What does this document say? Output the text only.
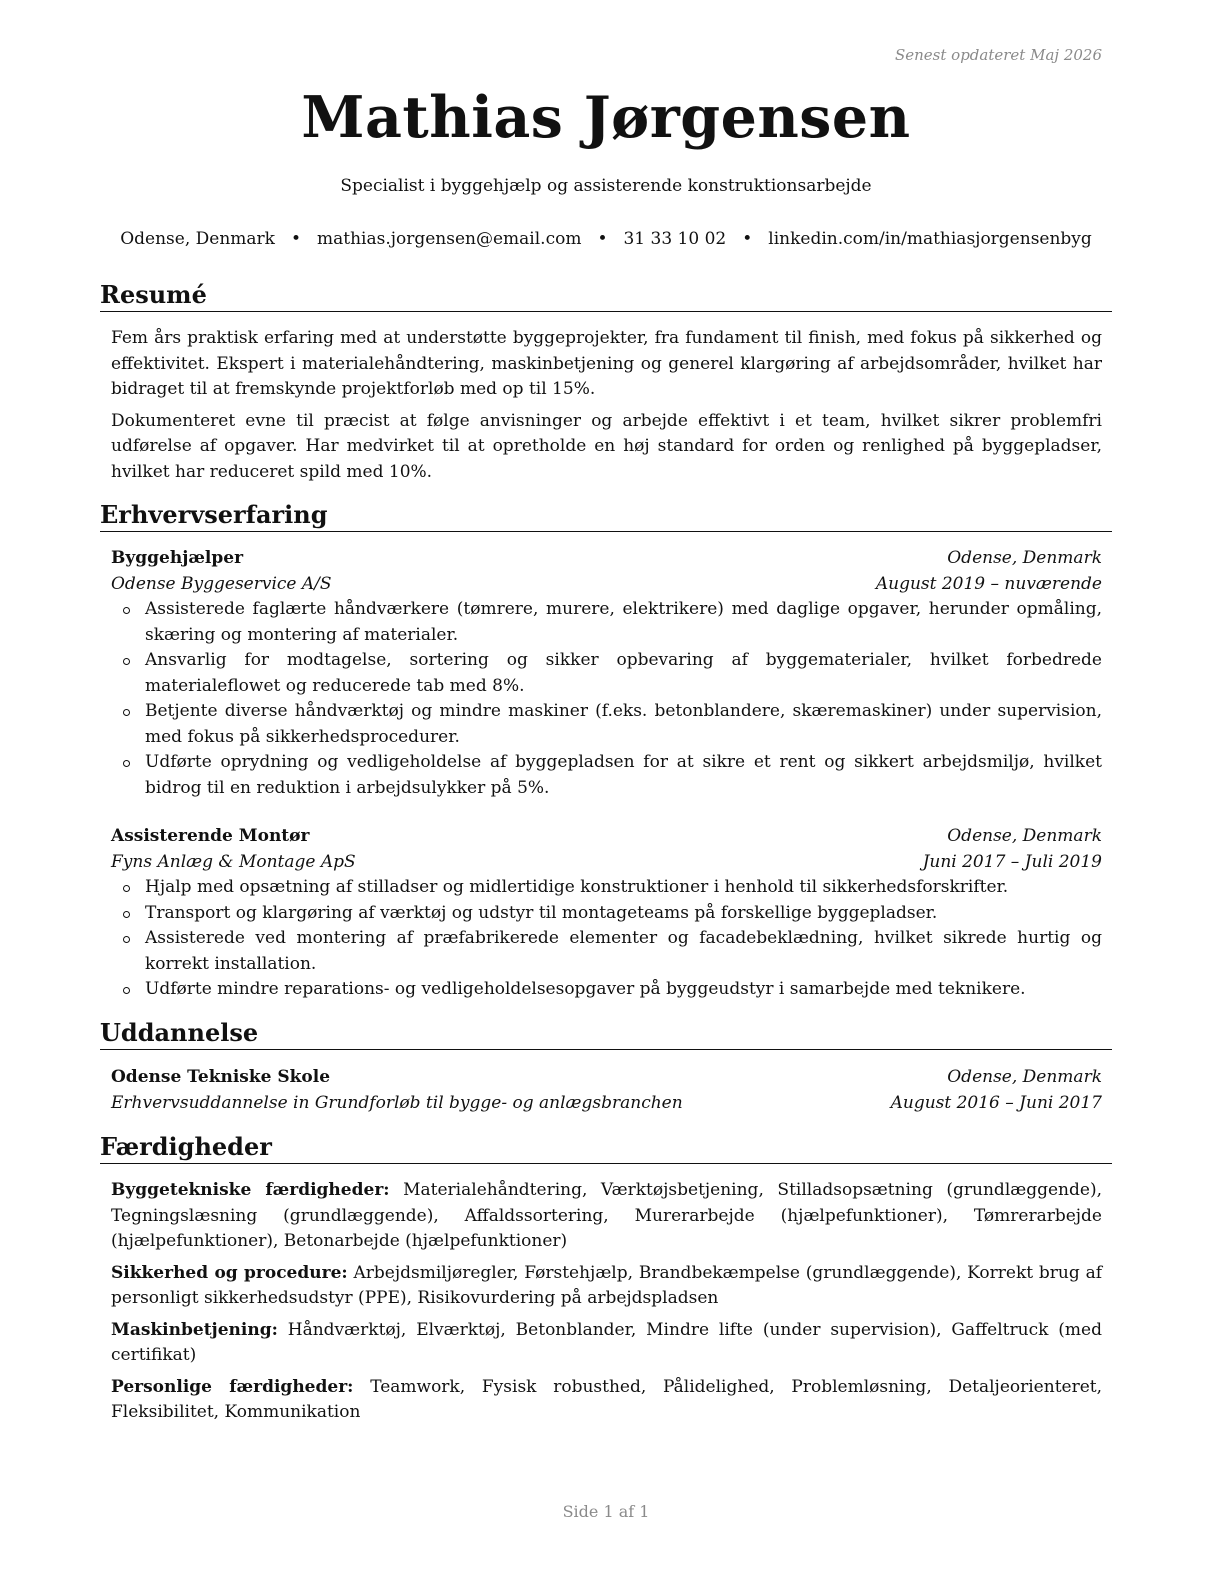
Senest opdateret Maj 2026
Mathias Jørgensen
Specialist i byggehjælp og assisterende konstruktionsarbejde
Odense, Denmark • mathias.jorgensen@email.com • 31 33 10 02 • linkedin.com/in/mathiasjorgensenbyg
Resumé

Fem års praktisk erfaring med at understøtte byggeprojekter, fra fundament til finish, med fokus på sikkerhed og effektivitet. Ekspert i materialehåndtering, maskinbetjening og generel klargøring af arbejdsområder, hvilket har bidraget til at fremskynde projektforløb med op til 15%.

Dokumenteret evne til præcist at følge anvisninger og arbejde effektivt i et team, hvilket sikrer problemfri udførelse af opgaver. Har medvirket til at opretholde en høj standard for orden og renlighed på byggepladser, hvilket har reduceret spild med 10%.

Erhvervserfaring
Byggehjælper	Odense, Denmark
Odense Byggeservice A/S	August 2019 – nuværende
Assisterede faglærte håndværkere (tømrere, murere, elektrikere) med daglige opgaver, herunder opmåling, skæring og montering af materialer.
Ansvarlig for modtagelse, sortering og sikker opbevaring af byggematerialer, hvilket forbedrede materialeflowet og reducerede tab med 8%.
Betjente diverse håndværktøj og mindre maskiner (f.eks. betonblandere, skæremaskiner) under supervision, med fokus på sikkerhedsprocedurer.
Udførte oprydning og vedligeholdelse af byggepladsen for at sikre et rent og sikkert arbejdsmiljø, hvilket bidrog til en reduktion i arbejdsulykker på 5%.
Assisterende Montør	Odense, Denmark
Fyns Anlæg & Montage ApS	Juni 2017 – Juli 2019
Hjalp med opsætning af stilladser og midlertidige konstruktioner i henhold til sikkerhedsforskrifter.
Transport og klargøring af værktøj og udstyr til montageteams på forskellige byggepladser.
Assisterede ved montering af præfabrikerede elementer og facadebeklædning, hvilket sikrede hurtig og korrekt installation.
Udførte mindre reparations- og vedligeholdelsesopgaver på byggeudstyr i samarbejde med teknikere.
Uddannelse
Odense Tekniske Skole	Odense, Denmark
Erhvervsuddannelse in Grundforløb til bygge- og anlægsbranchen	August 2016 – Juni 2017
Færdigheder

Byggetekniske færdigheder: Materialehåndtering, Værktøjsbetjening, Stilladsopsætning (grundlæggende), Tegningslæsning (grundlæggende), Affaldssortering, Murerarbejde (hjælpefunktioner), Tømrerarbejde (hjælpefunktioner), Betonarbejde (hjælpefunktioner)

Sikkerhed og procedure: Arbejdsmiljøregler, Førstehjælp, Brandbekæmpelse (grundlæggende), Korrekt brug af personligt sikkerhedsudstyr (PPE), Risikovurdering på arbejdspladsen

Maskinbetjening: Håndværktøj, Elværktøj, Betonblander, Mindre lifte (under supervision), Gaffeltruck (med certifikat)

Personlige færdigheder: Teamwork, Fysisk robusthed, Pålidelighed, Problemløsning, Detaljeorienteret, Fleksibilitet, Kommunikation

Side 1 af 1
